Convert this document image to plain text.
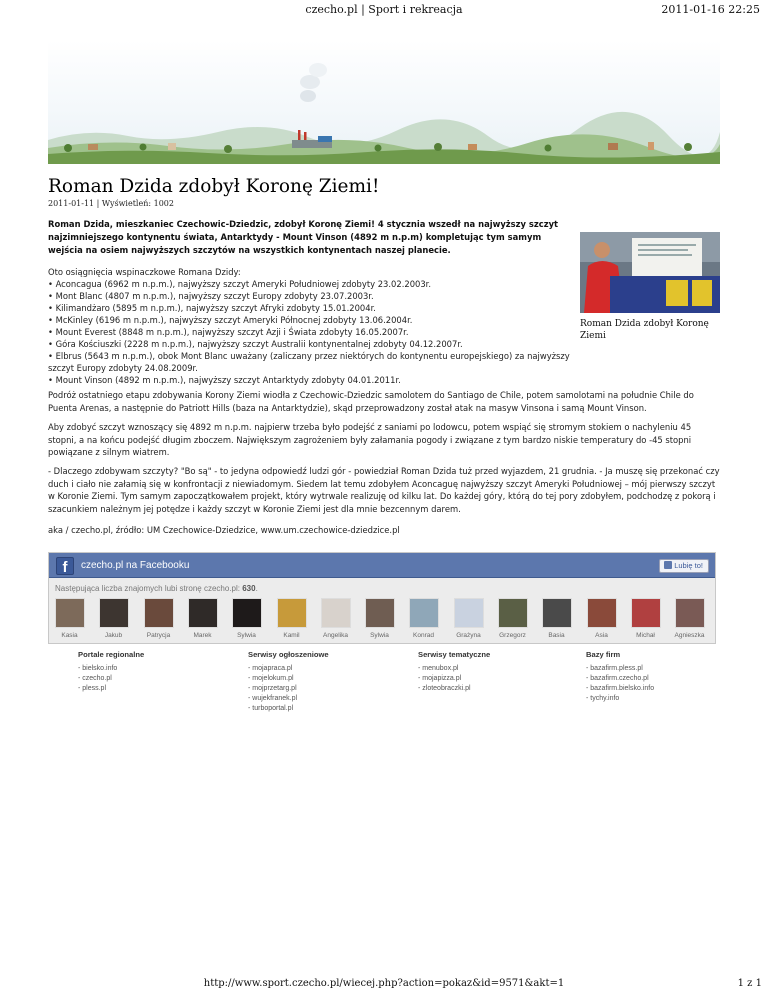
czecho.pl | Sport i rekreacja	2011-01-16 22:25
Roman Dzida zdobył Koronę Ziemi!
2011-01-11 | Wyświetleń: 1002

Roman Dzida, mieszkaniec Czechowic-Dziedzic, zdobył Koronę Ziemi! 4 stycznia wszedł na najwyższy szczyt najzimniejszego kontynentu świata, Antarktydy - Mount Vinson (4892 m n.p.m) kompletując tym samym wejścia na osiem najwyższych szczytów na wszystkich kontynentach naszej planecie.

Oto osiągnięcia wspinaczkowe Romana Dzidy:
• Aconcagua (6962 m n.p.m.), najwyższy szczyt Ameryki Południowej zdobyty 23.02.2003r.
• Mont Blanc (4807 m n.p.m.), najwyższy szczyt Europy zdobyty 23.07.2003r.
• Kilimandżaro (5895 m n.p.m.), najwyższy szczyt Afryki zdobyty 15.01.2004r.
• McKinley (6196 m n.p.m.), najwyższy szczyt Ameryki Północnej zdobyty 13.06.2004r.
• Mount Everest (8848 m n.p.m.), najwyższy szczyt Azji i Świata zdobyty 16.05.2007r.
• Góra Kościuszki (2228 m n.p.m.), najwyższy szczyt Australii kontynentalnej zdobyty 04.12.2007r.
• Elbrus (5643 m n.p.m.), obok Mont Blanc uważany (zaliczany przez niektórych do kontynentu europejskiego) za najwyższy szczyt Europy zdobyty 24.08.2009r.
• Mount Vinson (4892 m n.p.m.), najwyższy szczyt Antarktydy zdobyty 04.01.2011r.
Roman Dzida zdobył Koronę Ziemi

Podróż ostatniego etapu zdobywania Korony Ziemi wiodła z Czechowic-Dziedzic samolotem do Santiago de Chile, potem samolotami na południe Chile do Puenta Arenas, a następnie do Patriott Hills (baza na Antarktydzie), skąd przeprowadzony został atak na masyw Vinsona i samą Mount Vinson.

Aby zdobyć szczyt wznoszący się 4892 m n.p.m. najpierw trzeba było podejść z saniami po lodowcu, potem wspiąć się stromym stokiem o nachyleniu 45 stopni, a na końcu podejść długim zboczem. Największym zagrożeniem były załamania pogody i związane z tym bardzo niskie temperatury do -45 stopni powiązane z silnym wiatrem.

- Dlaczego zdobywam szczyty? "Bo są" - to jedyna odpowiedź ludzi gór - powiedział Roman Dzida tuż przed wyjazdem, 21 grudnia. - Ja muszę się przekonać czy duch i ciało nie załamią się w konfrontacji z niewiadomym. Siedem lat temu zdobyłem Aconcaguę najwyższy szczyt Ameryki Południowej – mój pierwszy szczyt w Koronie Ziemi. Tym samym zapoczątkowałem projekt, który wytrwale realizuję od kilku lat. Do każdej góry, którą do tej pory zdobyłem, podchodzę z pokorą i szacunkiem należnym jej potędze i każdy szczyt w Koronie Ziemi jest dla mnie bezcennym darem.

aka / czecho.pl, źródło: UM Czechowice-Dziedzice, www.um.czechowice-dziedzice.pl
f	czecho.pl na Facebooku	Lubię to!
Następująca liczba znajomych lubi stronę czecho.pl: 630.
Kasia	Jakub	Patrycja	Marek	Sylwia	Kamil	Angelika	Sylwia	Konrad	Grażyna	Grzegorz	Basia	Asia	Michał	Agnieszka
Portale regionalne
- bielsko.info
- czecho.pl
- pless.pl
Serwisy ogłoszeniowe
- mojapraca.pl
- mojelokum.pl
- mojprzetarg.pl
- wujekfranek.pl
- turboportal.pl
Serwisy tematyczne
- menubox.pl
- mojapizza.pl
- zloteobraczki.pl
Bazy firm
- bazafirm.pless.pl
- bazafirm.czecho.pl
- bazafirm.bielsko.info
- tychy.info
http://www.sport.czecho.pl/wiecej.php?action=pokaz&id=9571&akt=1	1 z 1
